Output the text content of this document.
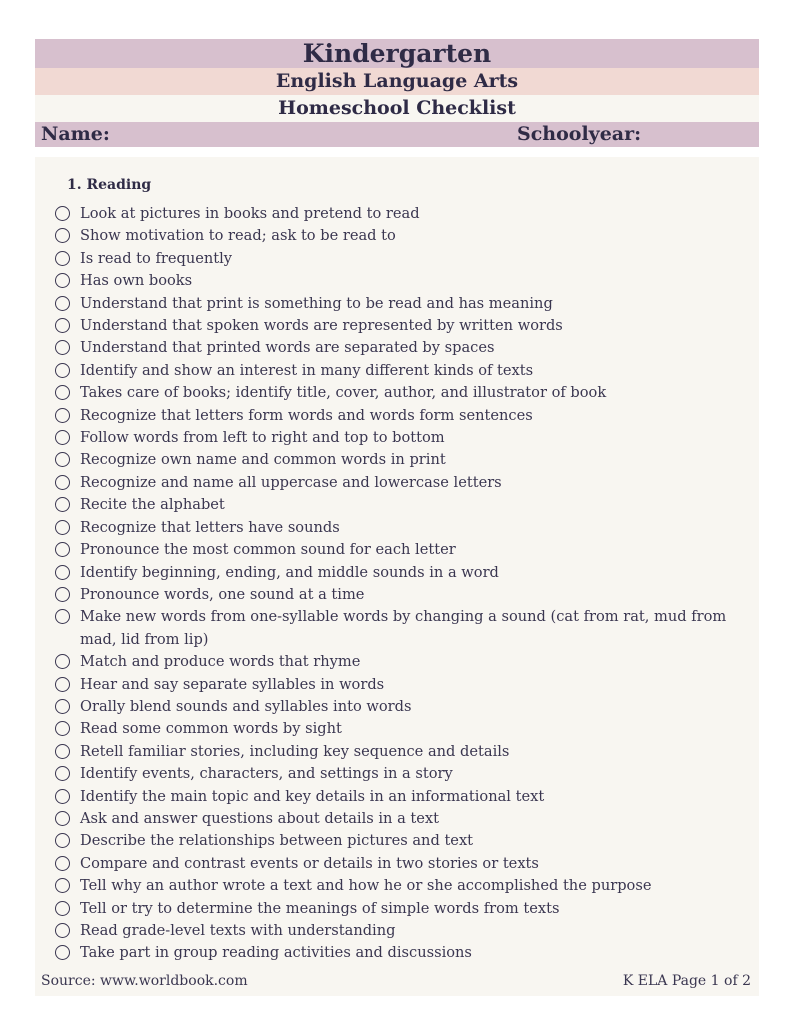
Kindergarten
English Language Arts
Homeschool Checklist
Name:	Schoolyear:
1. Reading
Look at pictures in books and pretend to read
Show motivation to read; ask to be read to
Is read to frequently
Has own books
Understand that print is something to be read and has meaning
Understand that spoken words are represented by written words
Understand that printed words are separated by spaces
Identify and show an interest in many different kinds of texts
Takes care of books; identify title, cover, author, and illustrator of book
Recognize that letters form words and words form sentences
Follow words from left to right and top to bottom
Recognize own name and common words in print
Recognize and name all uppercase and lowercase letters
Recite the alphabet
Recognize that letters have sounds
Pronounce the most common sound for each letter
Identify beginning, ending, and middle sounds in a word
Pronounce words, one sound at a time
Make new words from one-syllable words by changing a sound (cat from rat, mud from mad, lid from lip)
Match and produce words that rhyme
Hear and say separate syllables in words
Orally blend sounds and syllables into words
Read some common words by sight
Retell familiar stories, including key sequence and details
Identify events, characters, and settings in a story
Identify the main topic and key details in an informational text
Ask and answer questions about details in a text
Describe the relationships between pictures and text
Compare and contrast events or details in two stories or texts
Tell why an author wrote a text and how he or she accomplished the purpose
Tell or try to determine the meanings of simple words from texts
Read grade-level texts with understanding
Take part in group reading activities and discussions
Source: www.worldbook.com	K ELA Page 1 of 2
